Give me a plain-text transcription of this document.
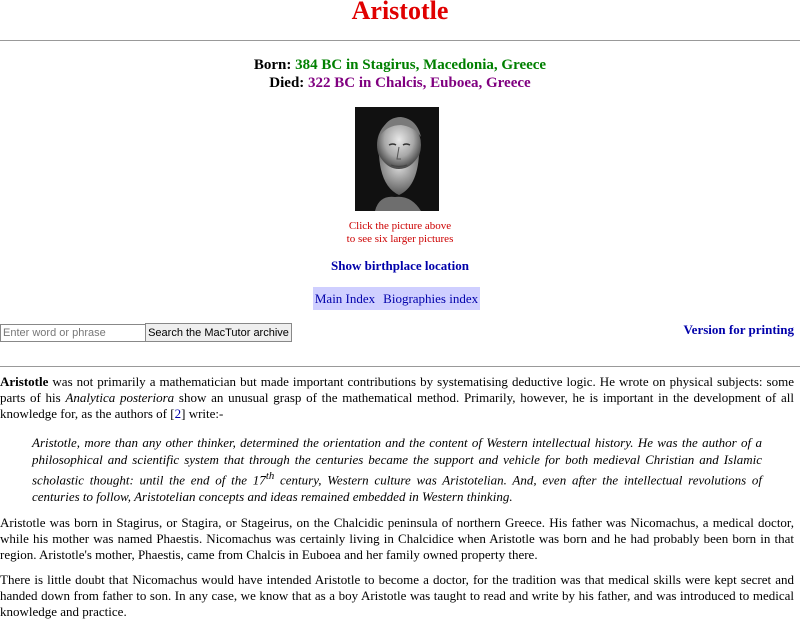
Aristotle
Born: 384 BC in Stagirus, Macedonia, Greece
Died: 322 BC in Chalcis, Euboea, Greece
Click the picture above
to see six larger pictures
Show birthplace location
Main Index Biographies index
Enter word or phrase
Search the MacTutor archive	Version for printing

Aristotle was not primarily a mathematician but made important contributions by systematising deductive logic. He wrote on physical subjects: some parts of his Analytica posteriora show an unusual grasp of the mathematical method. Primarily, however, he is important in the development of all knowledge for, as the authors of [2] write:-

Aristotle, more than any other thinker, determined the orientation and the content of Western intellectual history. He was the author of a philosophical and scientific system that through the centuries became the support and vehicle for both medieval Christian and Islamic scholastic thought: until the end of the 17th century, Western culture was Aristotelian. And, even after the intellectual revolutions of centuries to follow, Aristotelian concepts and ideas remained embedded in Western thinking.

Aristotle was born in Stagirus, or Stagira, or Stageirus, on the Chalcidic peninsula of northern Greece. His father was Nicomachus, a medical doctor, while his mother was named Phaestis. Nicomachus was certainly living in Chalcidice when Aristotle was born and he had probably been born in that region. Aristotle's mother, Phaestis, came from Chalcis in Euboea and her family owned property there.

There is little doubt that Nicomachus would have intended Aristotle to become a doctor, for the tradition was that medical skills were kept secret and handed down from father to son. In any case, we know that as a boy Aristotle was taught to read and write by his father, and was introduced to medical knowledge and practice.
